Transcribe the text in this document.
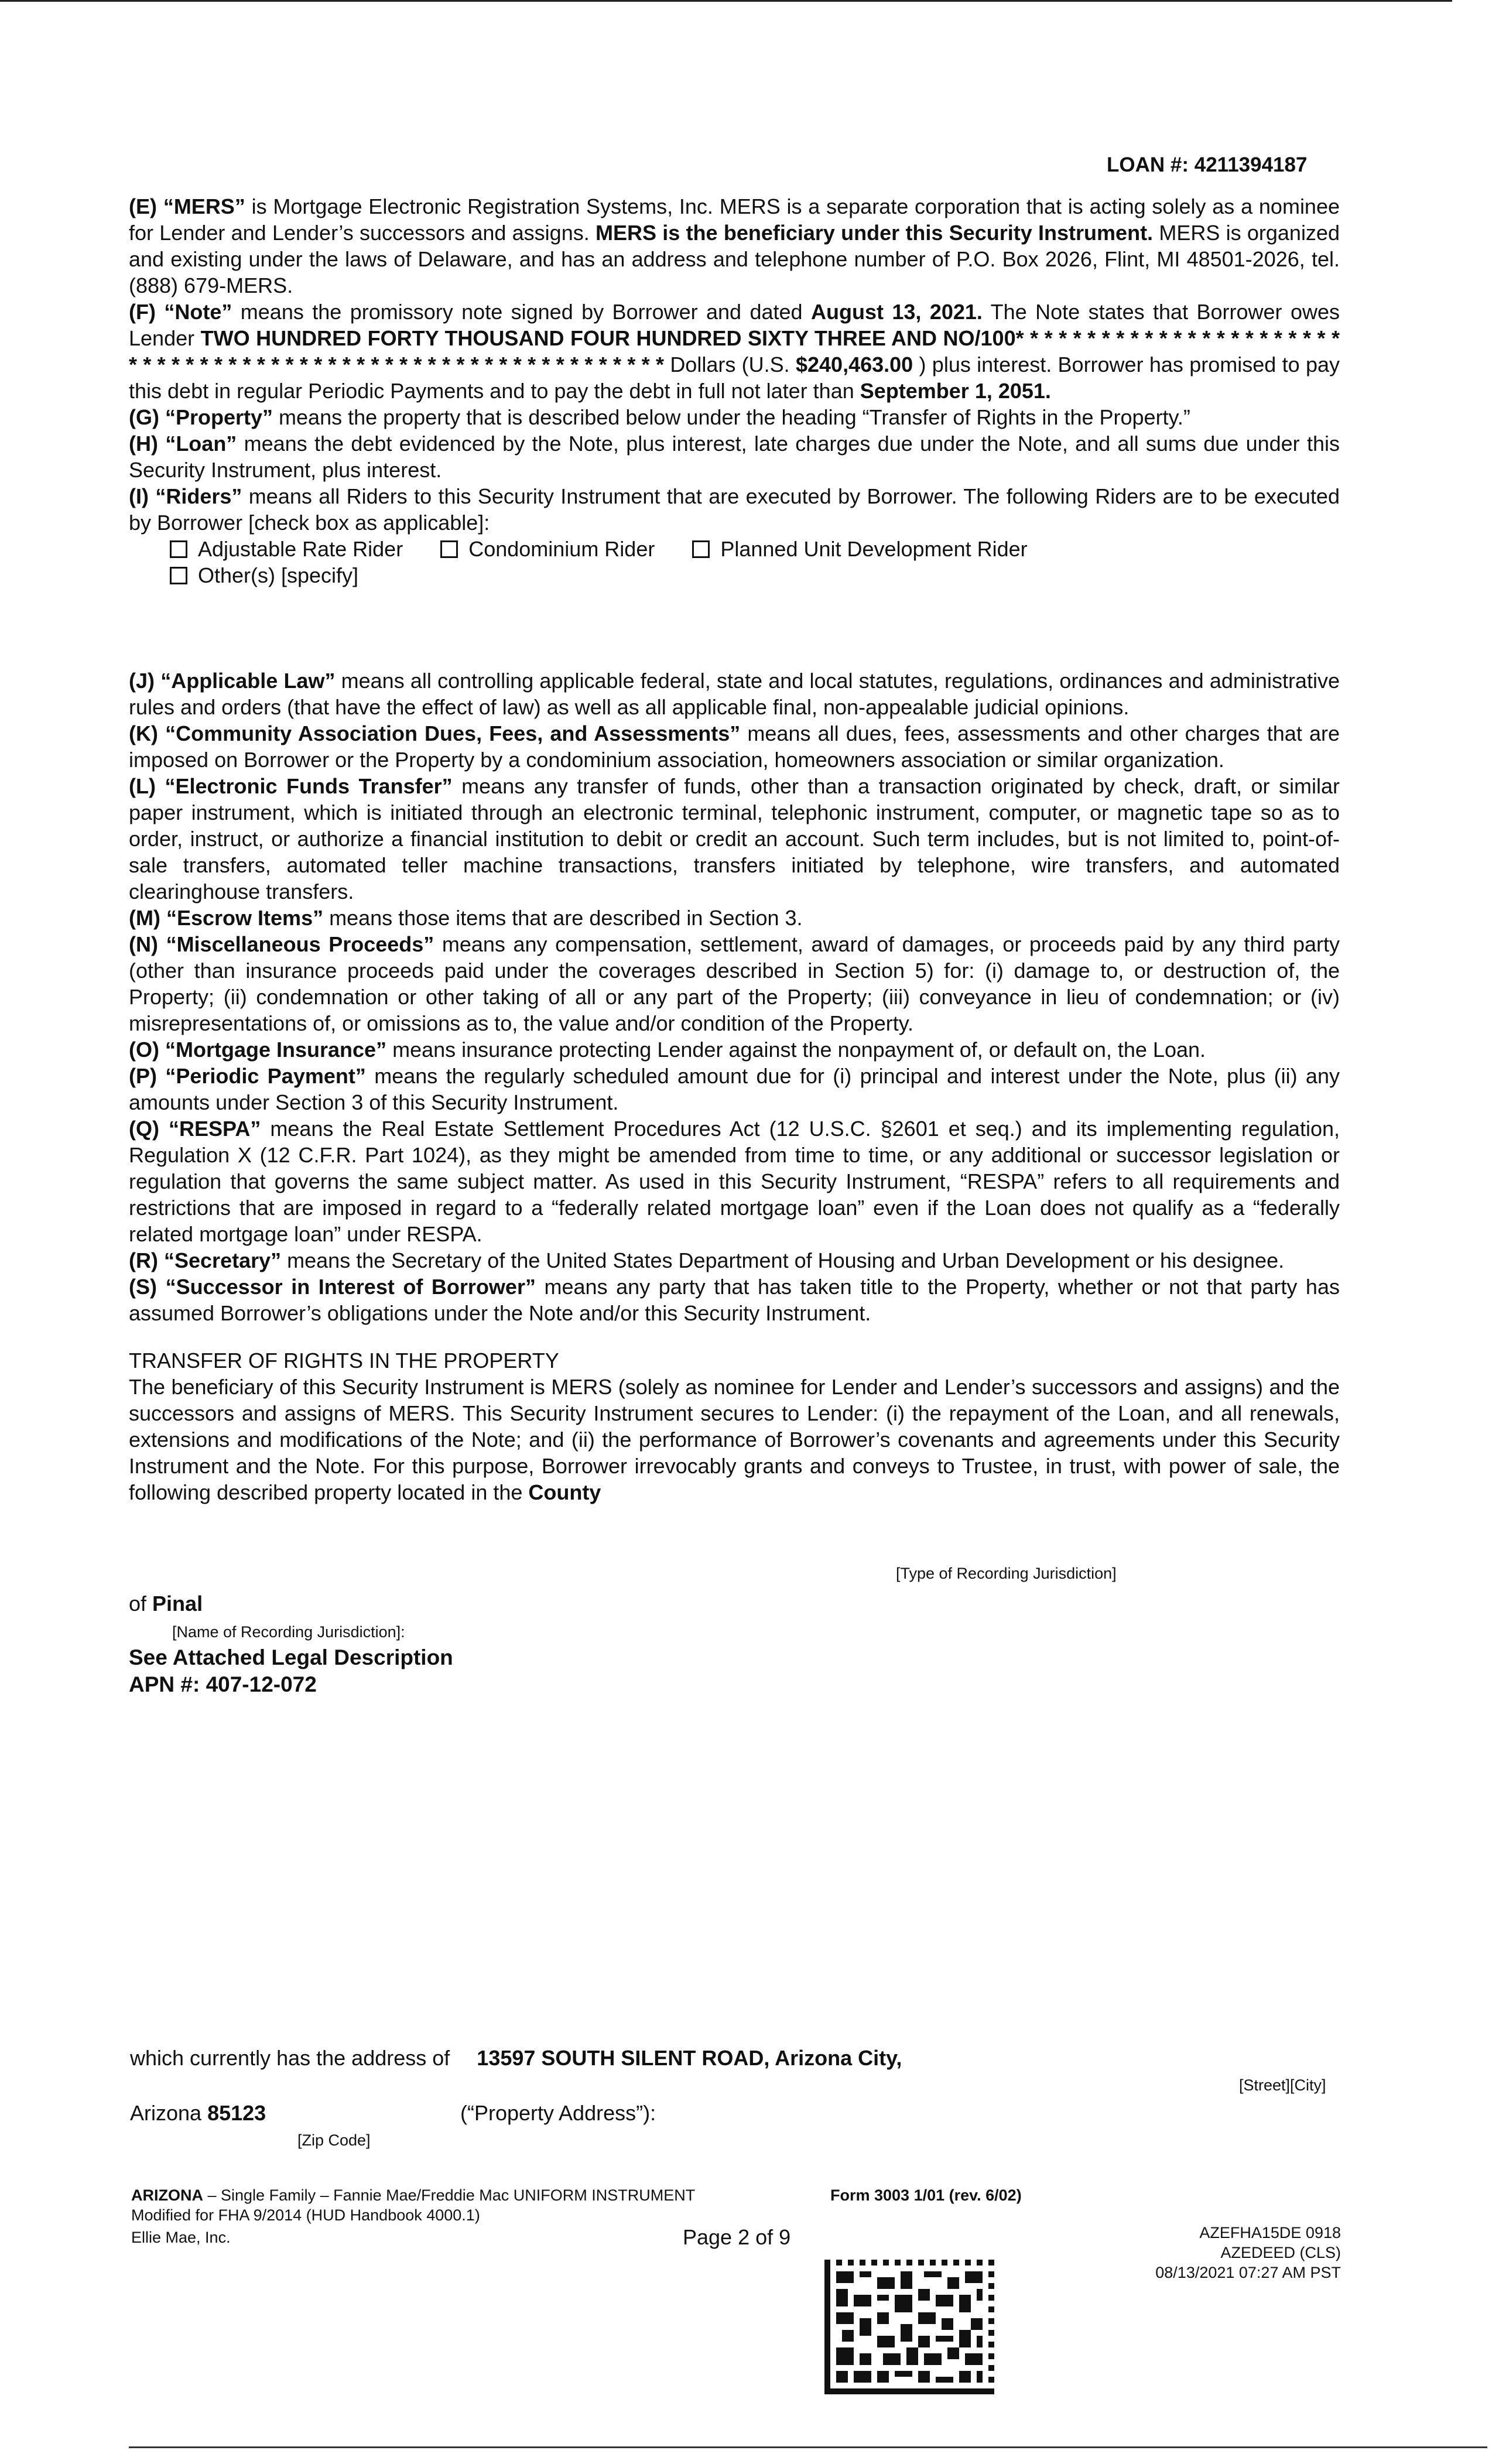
LOAN #: 4211394187

(E) “MERS” is Mortgage Electronic Registration Systems, Inc. MERS is a separate corporation that is acting solely as a nominee for Lender and Lender’s successors and assigns. MERS is the beneficiary under this Security Instrument. MERS is organized and existing under the laws of Delaware, and has an address and telephone number of P.O. Box 2026, Flint, MI 48501-2026, tel. (888) 679-MERS.

(F) “Note” means the promissory note signed by Borrower and dated August 13, 2021. The Note states that Borrower owes Lender TWO HUNDRED FORTY THOUSAND FOUR HUNDRED SIXTY THREE AND NO/100* * * * * * * * * * * * * * * * * * * * * * * * * * * * * * * * * * * * * * * * * * * * * * * * * * * * * * * * * * * * * Dollars (U.S. $240,463.00 ) plus interest. Borrower has promised to pay this debt in regular Periodic Payments and to pay the debt in full not later than September 1, 2051.

(G) “Property” means the property that is described below under the heading “Transfer of Rights in the Property.”

(H) “Loan” means the debt evidenced by the Note, plus interest, late charges due under the Note, and all sums due under this Security Instrument, plus interest.

(I) “Riders” means all Riders to this Security Instrument that are executed by Borrower. The following Riders are to be executed by Borrower [check box as applicable]:

Adjustable Rate Rider	Condominium Rider	Planned Unit Development Rider
Other(s) [specify]

(J) “Applicable Law” means all controlling applicable federal, state and local statutes, regulations, ordinances and administrative rules and orders (that have the effect of law) as well as all applicable final, non-appealable judicial opinions.

(K) “Community Association Dues, Fees, and Assessments” means all dues, fees, assessments and other charges that are imposed on Borrower or the Property by a condominium association, homeowners association or similar organization.

(L) “Electronic Funds Transfer” means any transfer of funds, other than a transaction originated by check, draft, or similar paper instrument, which is initiated through an electronic terminal, telephonic instrument, computer, or magnetic tape so as to order, instruct, or authorize a financial institution to debit or credit an account. Such term includes, but is not limited to, point-of-sale transfers, automated teller machine transactions, transfers initiated by telephone, wire transfers, and automated clearinghouse transfers.

(M) “Escrow Items” means those items that are described in Section 3.

(N) “Miscellaneous Proceeds” means any compensation, settlement, award of damages, or proceeds paid by any third party (other than insurance proceeds paid under the coverages described in Section 5) for: (i) damage to, or destruction of, the Property; (ii) condemnation or other taking of all or any part of the Property; (iii) conveyance in lieu of condemnation; or (iv) misrepresentations of, or omissions as to, the value and/or condition of the Property.

(O) “Mortgage Insurance” means insurance protecting Lender against the nonpayment of, or default on, the Loan.

(P) “Periodic Payment” means the regularly scheduled amount due for (i) principal and interest under the Note, plus (ii) any amounts under Section 3 of this Security Instrument.

(Q) “RESPA” means the Real Estate Settlement Procedures Act (12 U.S.C. §2601 et seq.) and its implementing regulation, Regulation X (12 C.F.R. Part 1024), as they might be amended from time to time, or any additional or successor legislation or regulation that governs the same subject matter. As used in this Security Instrument, “RESPA” refers to all requirements and restrictions that are imposed in regard to a “federally related mortgage loan” even if the Loan does not qualify as a “federally related mortgage loan” under RESPA.

(R) “Secretary” means the Secretary of the United States Department of Housing and Urban Development or his designee.

(S) “Successor in Interest of Borrower” means any party that has taken title to the Property, whether or not that party has assumed Borrower’s obligations under the Note and/or this Security Instrument.

TRANSFER OF RIGHTS IN THE PROPERTY

The beneficiary of this Security Instrument is MERS (solely as nominee for Lender and Lender’s successors and assigns) and the successors and assigns of MERS. This Security Instrument secures to Lender: (i) the repayment of the Loan, and all renewals, extensions and modifications of the Note; and (ii) the performance of Borrower’s covenants and agreements under this Security Instrument and the Note. For this purpose, Borrower irrevocably grants and conveys to Trustee, in trust, with power of sale, the following described property located in the County

[Type of Recording Jurisdiction]
of Pinal
[Name of Recording Jurisdiction]:
See Attached Legal Description
APN #: 407-12-072
which currently has the address of 13597 SOUTH SILENT ROAD, Arizona City,
[Street][City]
Arizona 85123	(“Property Address”):
[Zip Code]
ARIZONA – Single Family – Fannie Mae/Freddie Mac UNIFORM INSTRUMENT	Form 3003 1/01 (rev. 6/02)
Modified for FHA 9/2014 (HUD Handbook 4000.1)
Ellie Mae, Inc.	Page 2 of 9	AZEFHA15DE 0918
AZEDEED (CLS)
08/13/2021 07:27 AM PST
